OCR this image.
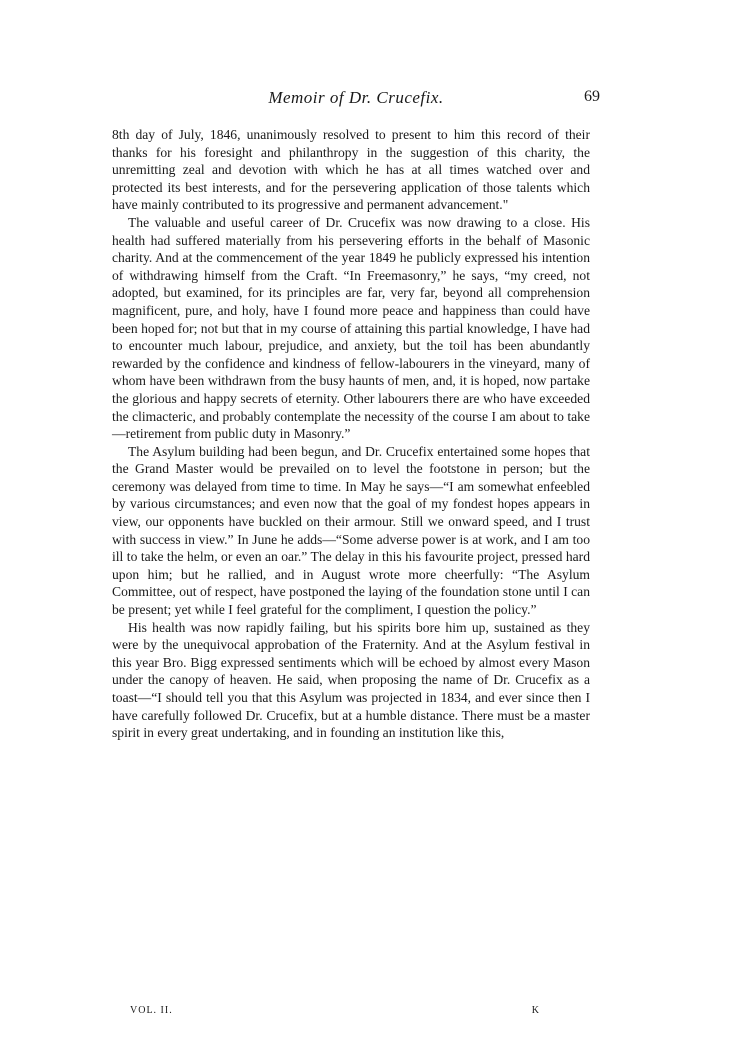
Memoir of Dr. Crucefix.	69

8th day of July, 1846, unanimously resolved to present to him this record of their thanks for his foresight and philanthropy in the suggestion of this charity, the unremitting zeal and devotion with which he has at all times watched over and protected its best interests, and for the persevering application of those talents which have mainly contributed to its progressive and permanent advancement."

The valuable and useful career of Dr. Crucefix was now drawing to a close. His health had suffered materially from his persevering efforts in the behalf of Masonic charity. And at the commencement of the year 1849 he publicly expressed his intention of withdrawing himself from the Craft. “In Freemasonry,” he says, “my creed, not adopted, but examined, for its principles are far, very far, beyond all comprehension magnificent, pure, and holy, have I found more peace and happiness than could have been hoped for; not but that in my course of attaining this partial knowledge, I have had to encounter much labour, prejudice, and anxiety, but the toil has been abundantly rewarded by the confidence and kindness of fellow-labourers in the vineyard, many of whom have been withdrawn from the busy haunts of men, and, it is hoped, now partake the glorious and happy secrets of eternity. Other labourers there are who have exceeded the climacteric, and probably contemplate the necessity of the course I am about to take—retirement from public duty in Masonry.”

The Asylum building had been begun, and Dr. Crucefix entertained some hopes that the Grand Master would be prevailed on to level the footstone in person; but the ceremony was delayed from time to time. In May he says—“I am somewhat enfeebled by various circumstances; and even now that the goal of my fondest hopes appears in view, our opponents have buckled on their armour. Still we onward speed, and I trust with success in view.” In June he adds—“Some adverse power is at work, and I am too ill to take the helm, or even an oar.” The delay in this his favourite project, pressed hard upon him; but he rallied, and in August wrote more cheerfully: “The Asylum Committee, out of respect, have postponed the laying of the foundation stone until I can be present; yet while I feel grateful for the compliment, I question the policy.”

His health was now rapidly failing, but his spirits bore him up, sustained as they were by the unequivocal approbation of the Fraternity. And at the Asylum festival in this year Bro. Bigg expressed sentiments which will be echoed by almost every Mason under the canopy of heaven. He said, when proposing the name of Dr. Crucefix as a toast—“I should tell you that this Asylum was projected in 1834, and ever since then I have carefully followed Dr. Crucefix, but at a humble distance. There must be a master spirit in every great undertaking, and in founding an institution like this,

VOL. II.	K
